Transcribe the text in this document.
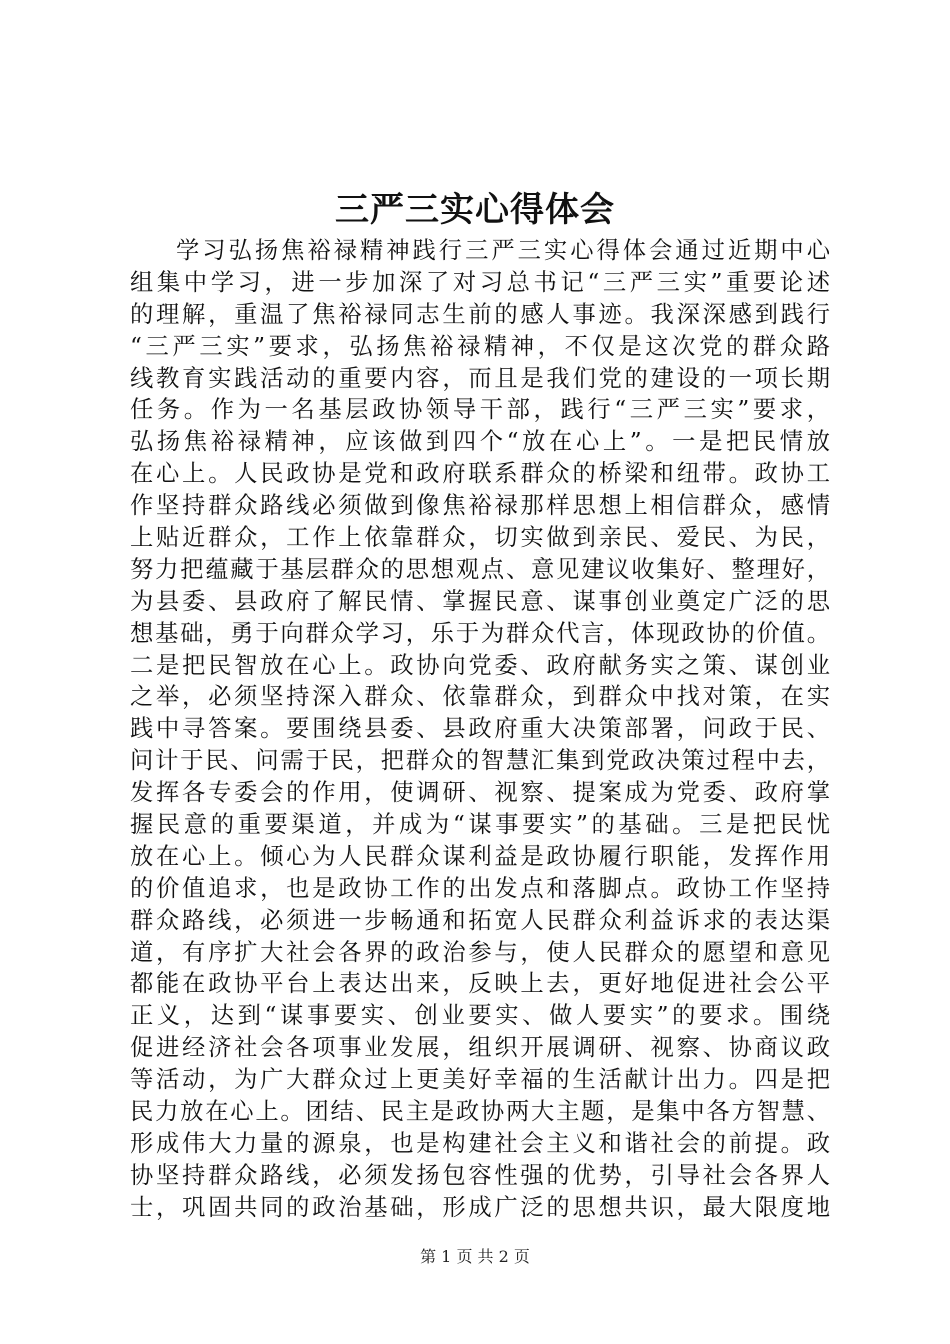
三严三实心得体会
学习弘扬焦裕禄精神践行三严三实心得体会通过近期中心
组集中学习，进一步加深了对习总书记“三严三实”重要论述
的理解，重温了焦裕禄同志生前的感人事迹。我深深感到践行
“三严三实”要求，弘扬焦裕禄精神，不仅是这次党的群众路
线教育实践活动的重要内容，而且是我们党的建设的一项长期
任务。作为一名基层政协领导干部，践行“三严三实”要求，
弘扬焦裕禄精神，应该做到四个“放在心上”。一是把民情放
在心上。人民政协是党和政府联系群众的桥梁和纽带。政协工
作坚持群众路线必须做到像焦裕禄那样思想上相信群众，感情
上贴近群众，工作上依靠群众，切实做到亲民、爱民、为民，
努力把蕴藏于基层群众的思想观点、意见建议收集好、整理好，
为县委、县政府了解民情、掌握民意、谋事创业奠定广泛的思
想基础，勇于向群众学习，乐于为群众代言，体现政协的价值。
二是把民智放在心上。政协向党委、政府献务实之策、谋创业
之举，必须坚持深入群众、依靠群众，到群众中找对策，在实
践中寻答案。要围绕县委、县政府重大决策部署，问政于民、
问计于民、问需于民，把群众的智慧汇集到党政决策过程中去，
发挥各专委会的作用，使调研、视察、提案成为党委、政府掌
握民意的重要渠道，并成为“谋事要实”的基础。三是把民忧
放在心上。倾心为人民群众谋利益是政协履行职能，发挥作用
的价值追求，也是政协工作的出发点和落脚点。政协工作坚持
群众路线，必须进一步畅通和拓宽人民群众利益诉求的表达渠
道，有序扩大社会各界的政治参与，使人民群众的愿望和意见
都能在政协平台上表达出来，反映上去，更好地促进社会公平
正义，达到“谋事要实、创业要实、做人要实”的要求。围绕
促进经济社会各项事业发展，组织开展调研、视察、协商议政
等活动，为广大群众过上更美好幸福的生活献计出力。四是把
民力放在心上。团结、民主是政协两大主题，是集中各方智慧、
形成伟大力量的源泉，也是构建社会主义和谐社会的前提。政
协坚持群众路线，必须发扬包容性强的优势，引导社会各界人
士，巩固共同的政治基础，形成广泛的思想共识，最大限度地
第 1 页 共 2 页
